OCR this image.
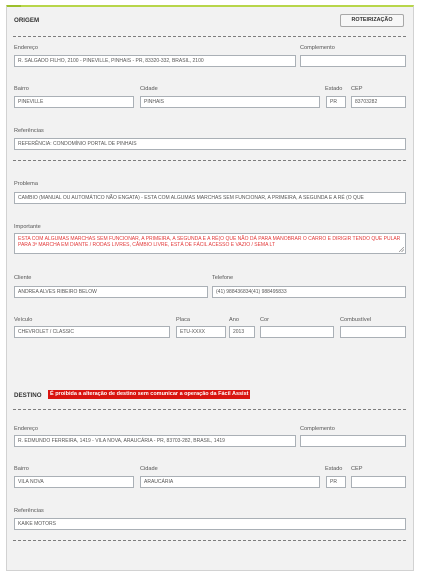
ORIGEM	ROTEIRIZAÇÃO
Endereço
R. SALGADO FILHO, 2100 - PINEVILLE, PINHAIS - PR, 83320-332, BRASIL, 2100
Complemento
Bairro
PINEVILLE
Cidade
PINHAIS
Estado
PR
CEP
83703282
Referências
REFERÊNCIA: CONDOMÍNIO PORTAL DE PINHAIS
Problema
CAMBIO (MANUAL OU AUTOMÁTICO NÃO ENGATA) - ESTA COM ALGUMAS MARCHAS SEM FUNCIONAR, A PRIMEIRA, A SEGUNDA E A RÉ (O QUE
Importante
ESTA COM ALGUMAS MARCHAS SEM FUNCIONAR, A PRIMEIRA, A SEGUNDA E A RÉ(O QUE NÃO DÁ PARA MANOBRAR O CARRO E DIRIGIR TENDO QUE PULAR PARA 3ª MARCHA EM DIANTE / RODAS LIVRES, CÂMBIO LIVRE, ESTÁ DE FÁCIL ACESSO E VAZIO / SEMA LT
Cliente
ANDREA ALVES RIBEIRO BELOW
Telefone
(41) 988436834(41) 988495833
Veículo
CHEVROLET / CLASSIC
Placa
ETU-XXXX
Ano
2013
Cor	Combustível
DESTINO	É proibida a alteração de destino sem comunicar a operação da Fácil Assist
Endereço
R. EDMUNDO FERREIRA, 1419 - VILA NOVA, ARAUCÁRIA - PR, 83703-282, BRASIL, 1419
Complemento
Bairro
VILA NOVA
Cidade
ARAUCÁRIA
Estado
PR
CEP
Referências
KAIKE MOTORS
